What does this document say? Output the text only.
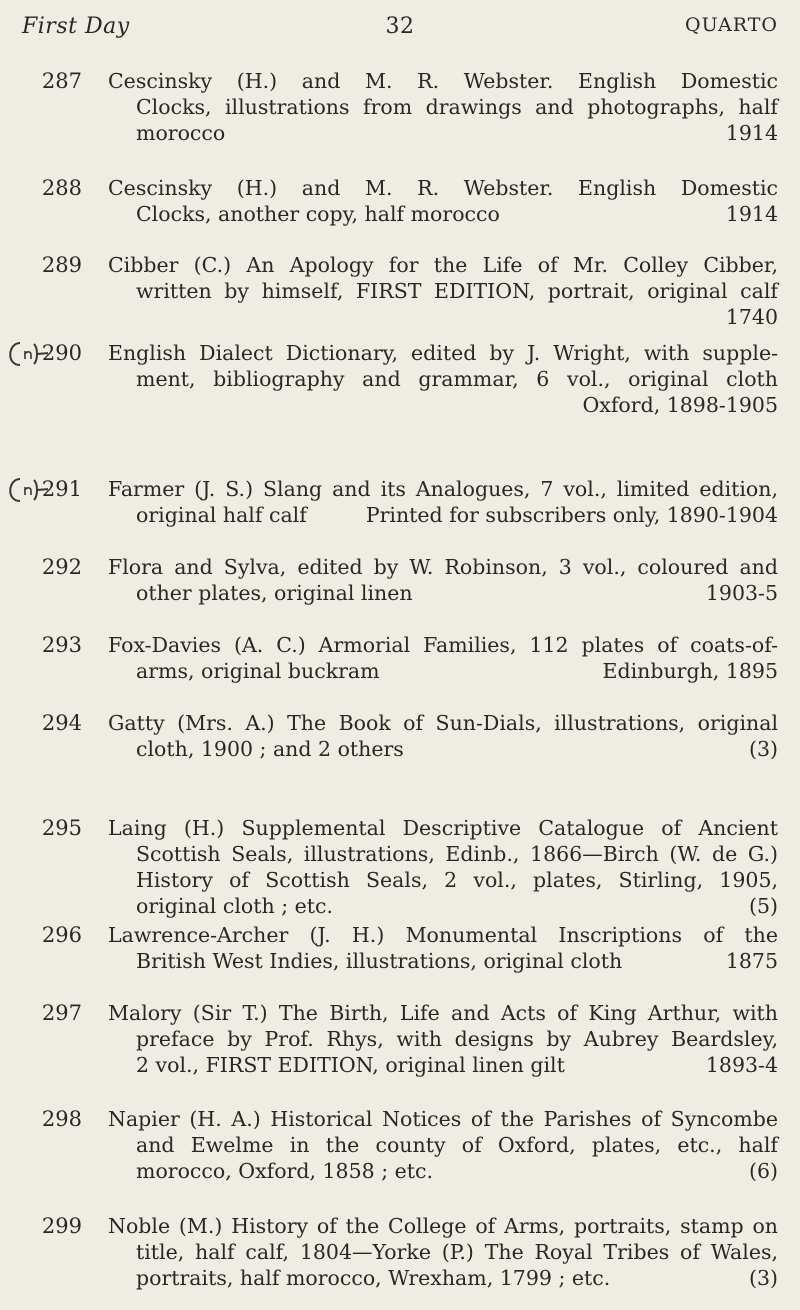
First Day	32	QUARTO
287 Cescinsky (H.) and M. R. Webster. English Domestic
Clocks, illustrations from drawings and photographs, half
morocco	1914
288 Cescinsky (H.) and M. R. Webster. English Domestic
Clocks, another copy, half morocco	1914
289 Cibber (C.) An Apology for the Life of Mr. Colley Cibber,
written by himself, FIRST EDITION, portrait, original calf
1740
290 English Dialect Dictionary, edited by J. Wright, with supple-
ment, bibliography and grammar, 6 vol., original cloth
Oxford, 1898-1905
291 Farmer (J. S.) Slang and its Analogues, 7 vol., limited edition,
original half calf	Printed for subscribers only, 1890-1904
292 Flora and Sylva, edited by W. Robinson, 3 vol., coloured and
other plates, original linen	1903-5
293 Fox-Davies (A. C.) Armorial Families, 112 plates of coats-of-
arms, original buckram	Edinburgh, 1895
294 Gatty (Mrs. A.) The Book of Sun-Dials, illustrations, original
cloth, 1900 ; and 2 others	(3)
295 Laing (H.) Supplemental Descriptive Catalogue of Ancient
Scottish Seals, illustrations, Edinb., 1866—Birch (W. de G.)
History of Scottish Seals, 2 vol., plates, Stirling, 1905,
original cloth ; etc.	(5)
296 Lawrence-Archer (J. H.) Monumental Inscriptions of the
British West Indies, illustrations, original cloth	1875
297 Malory (Sir T.) The Birth, Life and Acts of King Arthur, with
preface by Prof. Rhys, with designs by Aubrey Beardsley,
2 vol., FIRST EDITION, original linen gilt	1893-4
298 Napier (H. A.) Historical Notices of the Parishes of Syncombe
and Ewelme in the county of Oxford, plates, etc., half
morocco, Oxford, 1858 ; etc.	(6)
299 Noble (M.) History of the College of Arms, portraits, stamp on
title, half calf, 1804—Yorke (P.) The Royal Tribes of Wales,
portraits, half morocco, Wrexham, 1799 ; etc.	(3)
